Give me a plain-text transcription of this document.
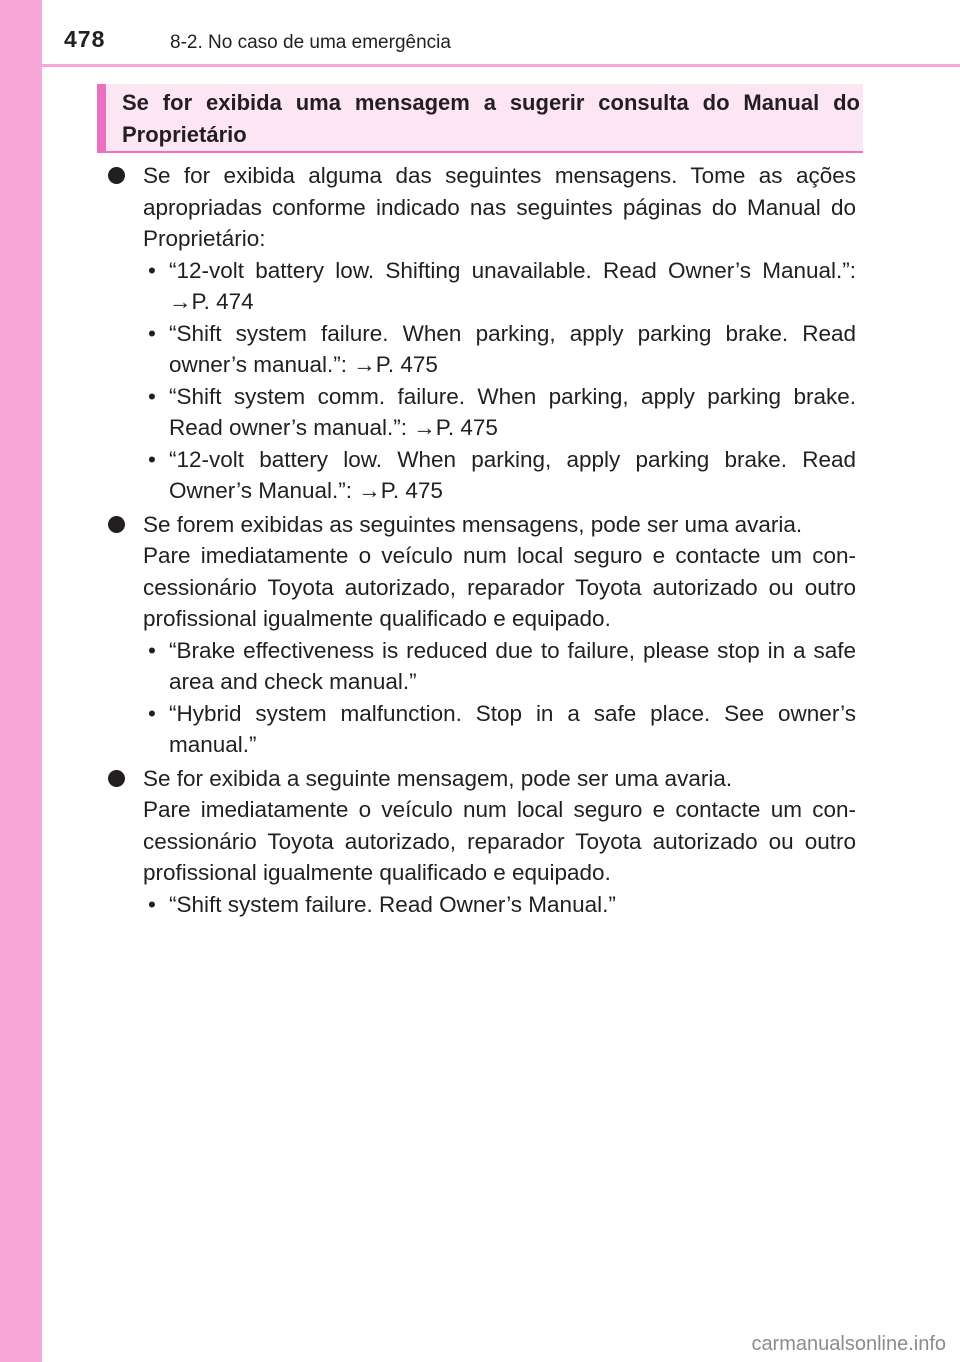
478	8-2. No caso de uma emergência
Se for exibida uma mensagem a sugerir consulta do Manual do Proprietário
Se for exibida alguma das seguintes mensagens. Tome as ações apropriadas conforme indicado nas seguintes páginas do Manual do Proprietário:
• “12-volt battery low. Shifting unavailable. Read Owner’s Manual.”: →P. 474
• “Shift system failure. When parking, apply parking brake. Read owner’s manual.”: →P. 475
• “Shift system comm. failure. When parking, apply parking brake. Read owner’s manual.”: →P. 475
• “12-volt battery low. When parking, apply parking brake. Read Owner’s Manual.”: →P. 475
Se forem exibidas as seguintes mensagens, pode ser uma avaria.
Pare imediatamente o veículo num local seguro e contacte um concessionário Toyota autorizado, reparador Toyota autorizado ou outro profissional igualmente qualificado e equipado.
• “Brake effectiveness is reduced due to failure, please stop in a safe area and check manual.”
• “Hybrid system malfunction. Stop in a safe place. See owner’s manual.”
Se for exibida a seguinte mensagem, pode ser uma avaria.
Pare imediatamente o veículo num local seguro e contacte um concessionário Toyota autorizado, reparador Toyota autorizado ou outro profissional igualmente qualificado e equipado.
• “Shift system failure. Read Owner’s Manual.”
carmanualsonline.info
